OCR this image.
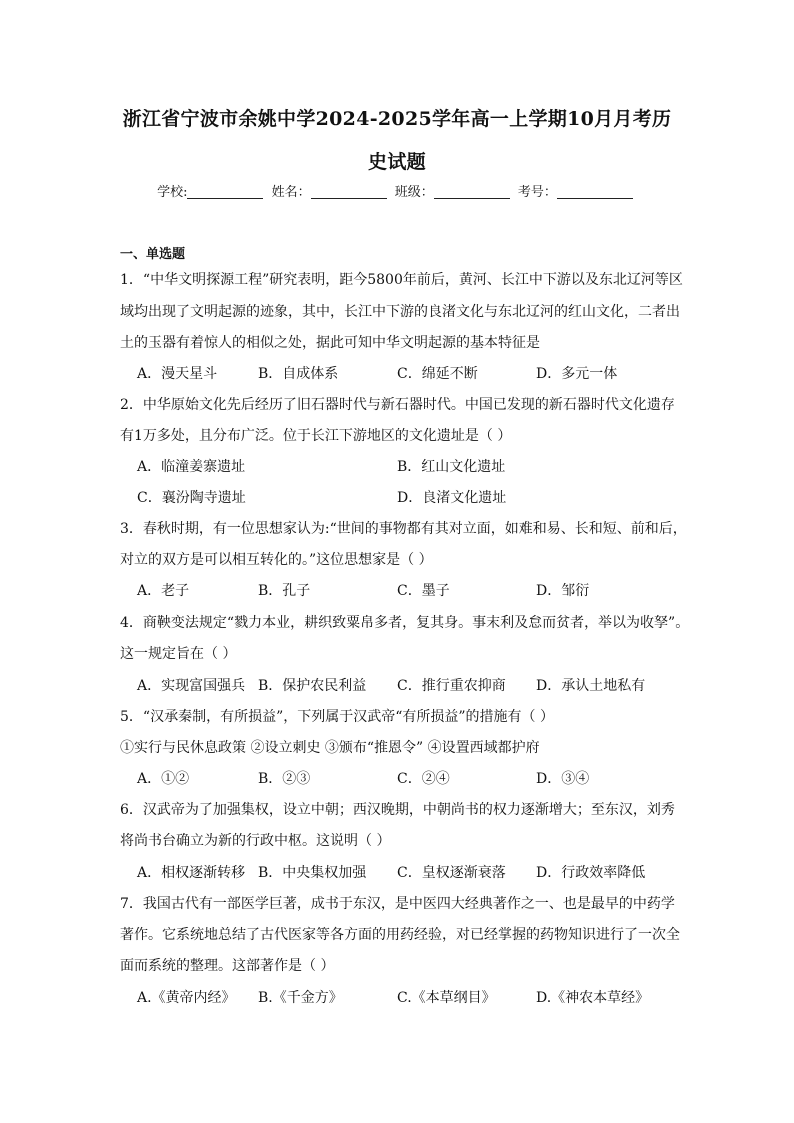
浙江省宁波市余姚中学2024-2025学年高一上学期10月月考历
史试题
学校:	姓名：	班级：	考号：
一、单选题
1．“中华文明探源工程”研究表明，距今5800年前后，黄河、长江中下游以及东北辽河等区
域均出现了文明起源的迹象，其中，长江中下游的良渚文化与东北辽河的红山文化，二者出
土的玉器有着惊人的相似之处，据此可知中华文明起源的基本特征是
A．漫天星斗	B．自成体系	C．绵延不断	D．多元一体
2．中华原始文化先后经历了旧石器时代与新石器时代。中国已发现的新石器时代文化遗存
有1万多处，且分布广泛。位于长江下游地区的文化遗址是（ ）
A．临潼姜寨遗址	B．红山文化遗址
C．襄汾陶寺遗址	D．良渚文化遗址
3．春秋时期，有一位思想家认为:“世间的事物都有其对立面，如难和易、长和短、前和后，
对立的双方是可以相互转化的。”这位思想家是（ ）
A．老子	B．孔子	C．墨子	D．邹衍
4．商鞅变法规定“戮力本业，耕织致粟帛多者，复其身。事末利及怠而贫者，举以为收孥”。
这一规定旨在（ ）
A．实现富国强兵 B．保护农民利益 C．推行重农抑商 D．承认土地私有
5．“汉承秦制，有所损益”，下列属于汉武帝“有所损益”的措施有（ ）
①实行与民休息政策 ②设立刺史 ③颁布“推恩令” ④设置西域都护府
A．①②	B．②③	C．②④	D．③④
6．汉武帝为了加强集权，设立中朝；西汉晚期，中朝尚书的权力逐渐增大；至东汉，刘秀
将尚书台确立为新的行政中枢。这说明（ ）
A．相权逐渐转移 B．中央集权加强 C．皇权逐渐衰落 D．行政效率降低
7．我国古代有一部医学巨著，成书于东汉，是中医四大经典著作之一、也是最早的中药学
著作。它系统地总结了古代医家等各方面的用药经验，对已经掌握的药物知识进行了一次全
面而系统的整理。这部著作是（ ）
A.《黄帝内经》 B.《千金方》	C.《本草纲目》	D.《神农本草经》
